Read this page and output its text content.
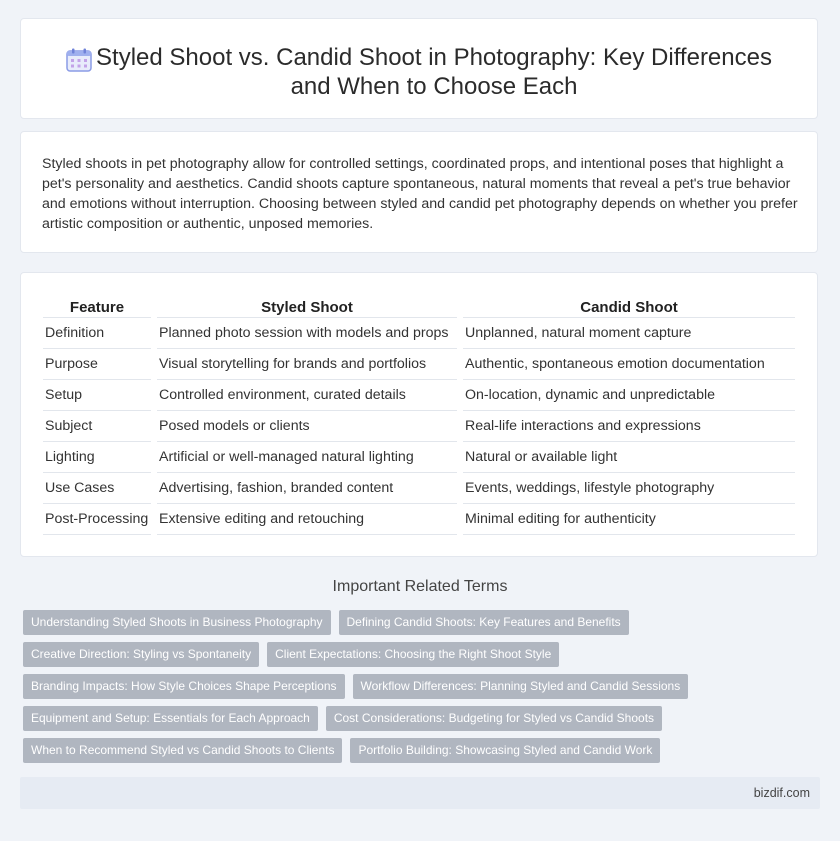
Styled Shoot vs. Candid Shoot in Photography: Key Differences and When to Choose Each

Styled shoots in pet photography allow for controlled settings, coordinated props, and intentional poses that highlight a pet's personality and aesthetics. Candid shoots capture spontaneous, natural moments that reveal a pet's true behavior and emotions without interruption. Choosing between styled and candid pet photography depends on whether you prefer artistic composition or authentic, unposed memories.

Feature	Styled Shoot	Candid Shoot
Definition	Planned photo session with models and props	Unplanned, natural moment capture
Purpose	Visual storytelling for brands and portfolios	Authentic, spontaneous emotion documentation
Setup	Controlled environment, curated details	On-location, dynamic and unpredictable
Subject	Posed models or clients	Real-life interactions and expressions
Lighting	Artificial or well-managed natural lighting	Natural or available light
Use Cases	Advertising, fashion, branded content	Events, weddings, lifestyle photography
Post-Processing	Extensive editing and retouching	Minimal editing for authenticity
Important Related Terms
Understanding Styled Shoots in Business Photography	Defining Candid Shoots: Key Features and Benefits
Creative Direction: Styling vs Spontaneity	Client Expectations: Choosing the Right Shoot Style
Branding Impacts: How Style Choices Shape Perceptions	Workflow Differences: Planning Styled and Candid Sessions
Equipment and Setup: Essentials for Each Approach	Cost Considerations: Budgeting for Styled vs Candid Shoots
When to Recommend Styled vs Candid Shoots to Clients	Portfolio Building: Showcasing Styled and Candid Work
bizdif.com
